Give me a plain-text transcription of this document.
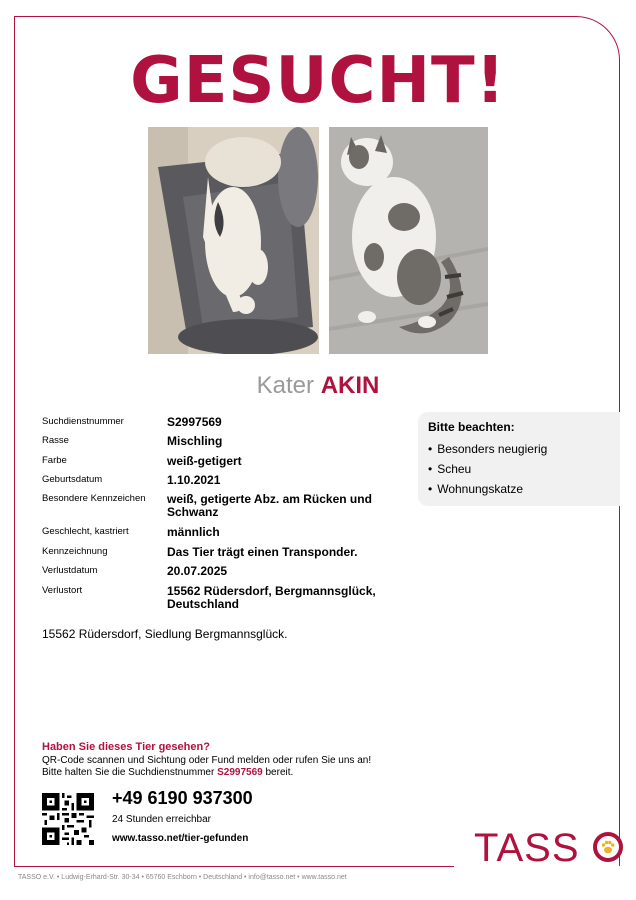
GESUCHT!
Kater AKIN
Suchdienstnummer	S2997569
Rasse	Mischling
Farbe	weiß-getigert
Geburtsdatum	1.10.2021
Besondere Kennzeichen	weiß, getigerte Abz. am Rücken und Schwanz
Geschlecht, kastriert	männlich
Kennzeichnung	Das Tier trägt einen Transponder.
Verlustdatum	20.07.2025
Verlustort	15562 Rüdersdorf, Bergmannsglück, Deutschland
Bitte beachten:
• Besonders neugierig
• Scheu
• Wohnungskatze
15562 Rüdersdorf, Siedlung Bergmannsglück.
Haben Sie dieses Tier gesehen?
QR-Code scannen und Sichtung oder Fund melden oder rufen Sie uns an!
Bitte halten Sie die Suchdienstnummer S2997569 bereit.
+49 6190 937300
24 Stunden erreichbar
www.tasso.net/tier-gefunden	TASS
TASSO e.V. • Ludwig-Erhard-Str. 30-34 • 65760 Eschborn • Deutschland • info@tasso.net • www.tasso.net
